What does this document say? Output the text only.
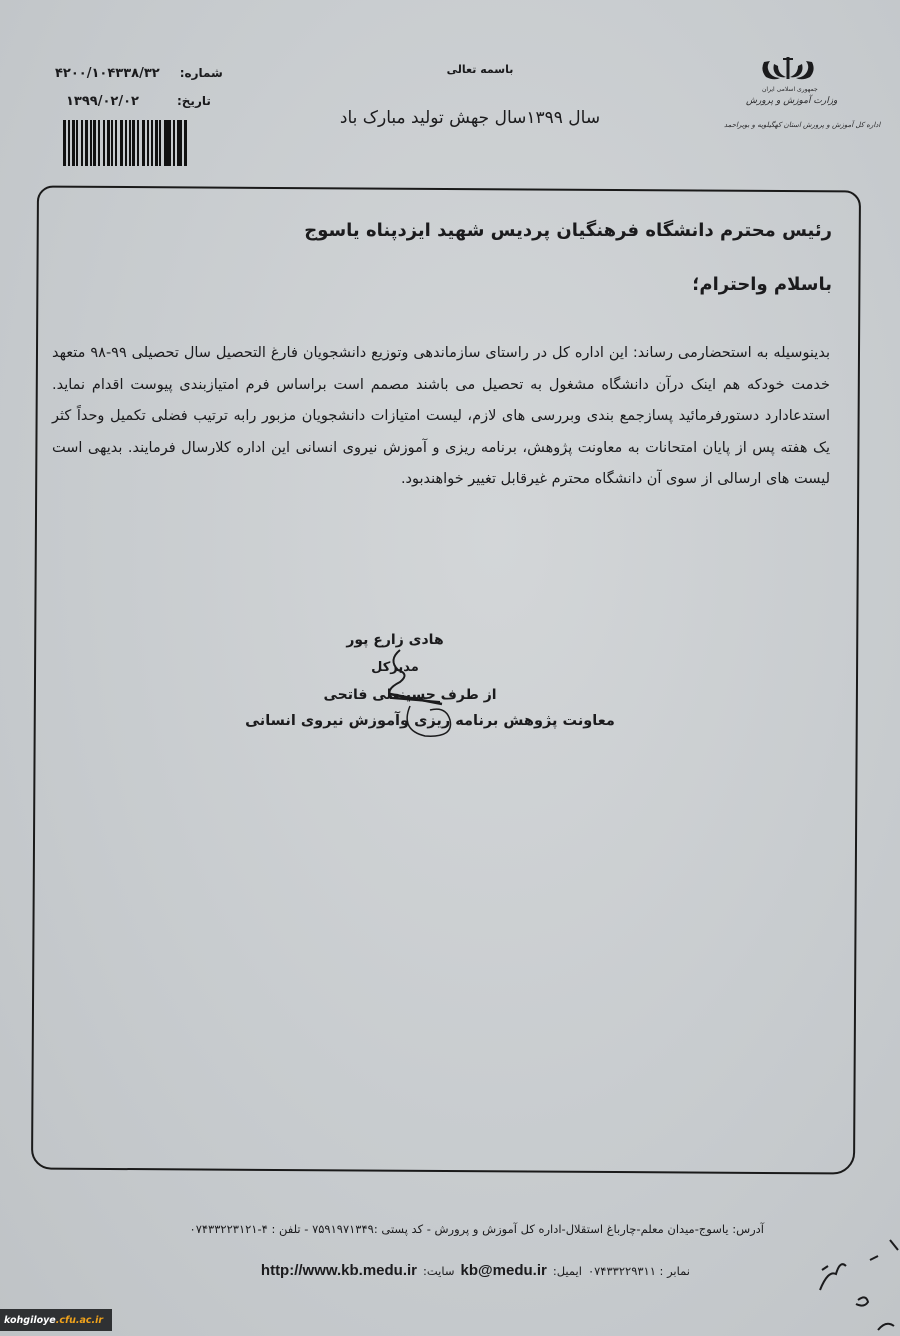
شماره:
۴۲۰۰/۱۰۴۳۳۸/۳۲
تاریخ:
۱۳۹۹/۰۲/۰۲
باسمه تعالی
سال ۱۳۹۹سال جهش تولید مبارک باد
جمهوری اسلامی ایران
وزارت آموزش و پرورش
اداره کل آموزش و پرورش استان کهگیلویه و بویراحمد
رئیس محترم دانشگاه فرهنگیان پردیس شهید ایزدپناه یاسوج
باسلام واحترام؛
بدینوسیله به استحضارمی رساند: این اداره کل در راستای سازماندهی وتوزیع دانشجویان فارغ التحصیل سال تحصیلی ۹۹-۹۸ متعهد خدمت خودکه هم اینک درآن دانشگاه مشغول به تحصیل می باشند مصمم است براساس فرم امتیازبندی پیوست اقدام نماید. استدعادارد دستورفرمائید پسازجمع بندی وبررسی های لازم، لیست امتیازات دانشجویان مزبور رابه ترتیب فضلی تکمیل وحداً کثر یک هفته پس از پایان امتحانات به معاونت پژوهش، برنامه ریزی و آموزش نیروی انسانی این اداره کلارسال فرمایند. بدیهی است لیست های ارسالی از سوی آن دانشگاه محترم غیرقابل تغییر خواهندبود.

هادی زارع پور

مدیرکل

از طرف حسینعلی فاتحی

معاونت پژوهش برنامه ریزی وآموزش نیروی انسانی

آدرس: یاسوج-میدان معلم-چارباغ استقلال-اداره کل آموزش و پرورش - کد پستی :۷۵۹۱۹۷۱۳۴۹ - تلفن : ۴-۰۷۴۳۳۲۲۳۱۲۱
نمابر : ۰۷۴۳۳۲۲۹۳۱۱
ایمیل:
kb@medu.ir
سایت:
http://www.kb.medu.ir
kohgiloye .cfu.ac.ir
